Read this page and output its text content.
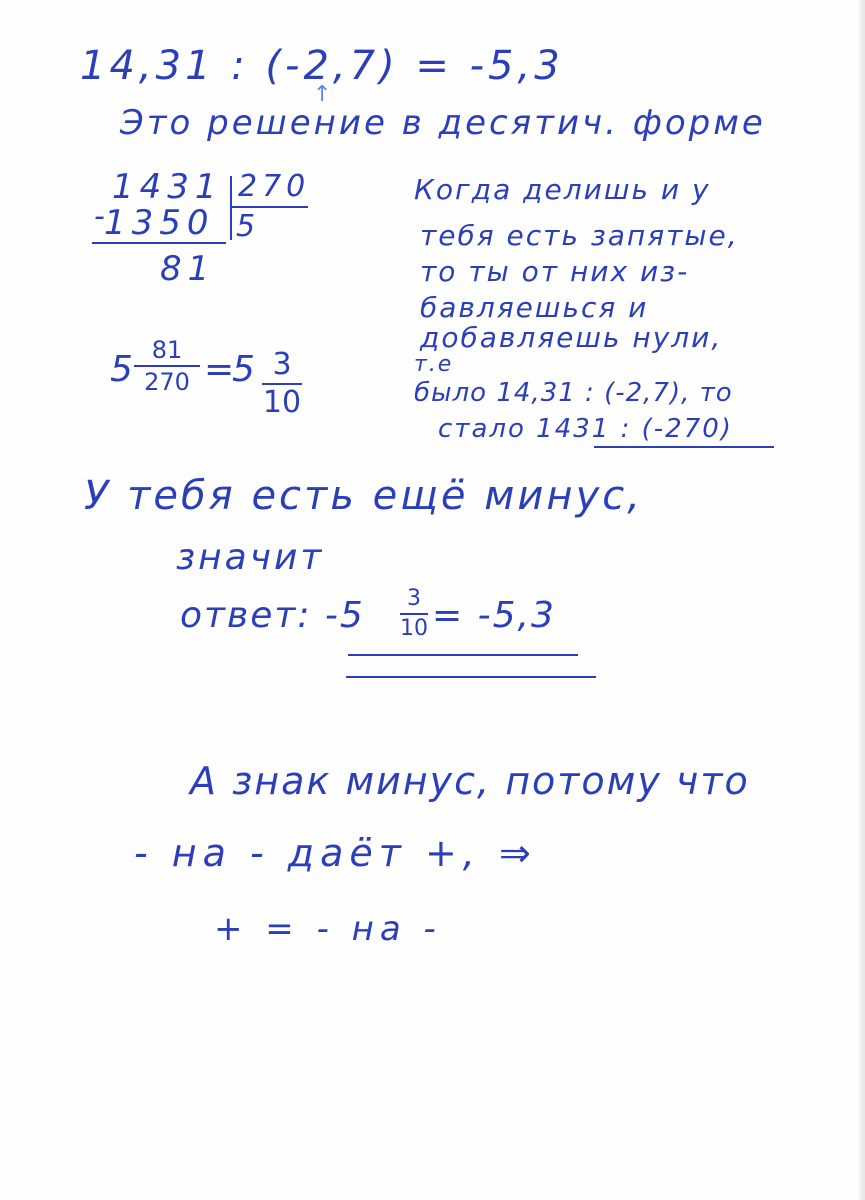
14,31 : (-2,7) = -5,3
↑
Это решение в десятич. форме
1431
- 1350
270
5
81
5 81
270 =
5 3
10
Когда делишь и у
тебя есть запятые,
то ты от них из-
бавляешься и
добавляешь нули,
т.е
было 14,31 : (-2,7), то
стало 1431 : (-270)
У тебя есть ещё минус,
значит
ответ: -5	3
10 = -5,3
А знак минус, потому что
- на - даёт +, ⇒
+ = - на -
